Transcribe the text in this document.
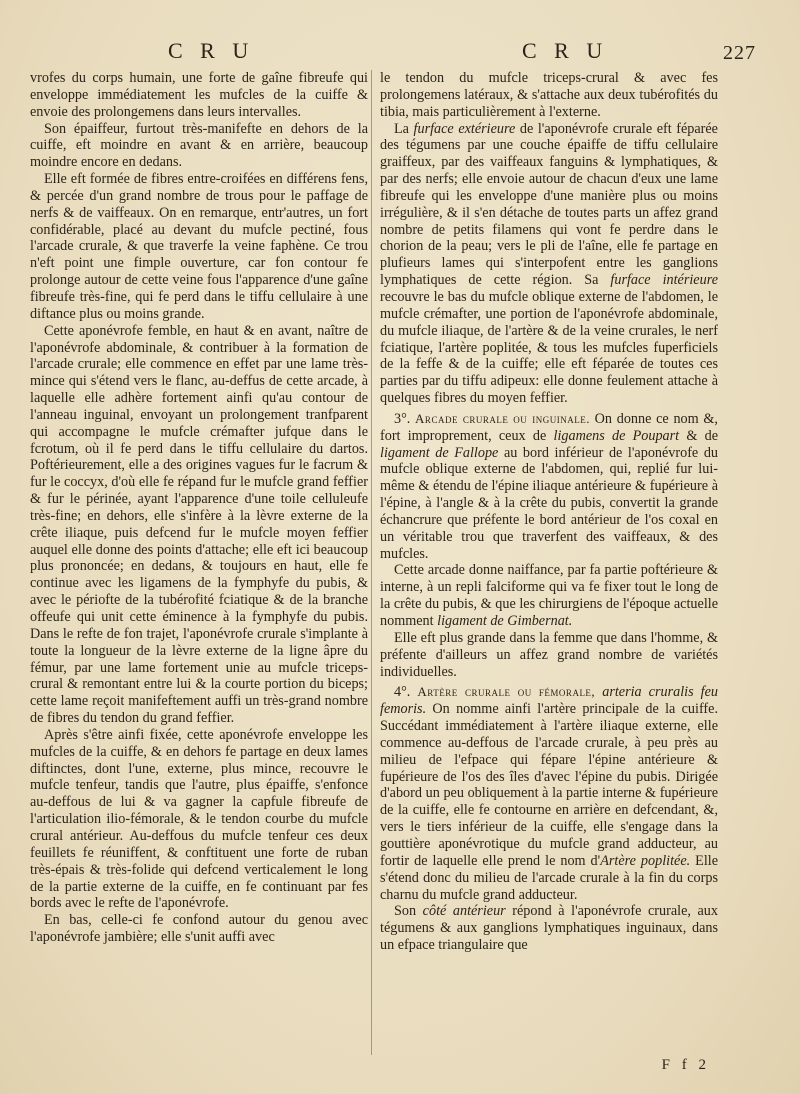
C R U	C R U	227

vrofes du corps humain, une forte de gaîne fibreufe qui enveloppe immédiatement les mufcles de la cuiffe & envoie des prolongemens dans leurs intervalles.

Son épaiffeur, furtout très-manifefte en dehors de la cuiffe, eft moindre en avant & en arrière, beaucoup moindre encore en dedans.

Elle eft formée de fibres entre-croifées en différens fens, & percée d'un grand nombre de trous pour le paffage de nerfs & de vaiffeaux. On en remarque, entr'autres, un fort confidérable, placé au devant du mufcle pectiné, fous l'arcade crurale, & que traverfe la veine faphène. Ce trou n'eft point une fimple ouverture, car fon contour fe prolonge autour de cette veine fous l'apparence d'une gaîne fibreufe très-fine, qui fe perd dans le tiffu cellulaire à une diftance plus ou moins grande.

Cette aponévrofe femble, en haut & en avant, naître de l'aponévrofe abdominale, & contribuer à la formation de l'arcade crurale; elle commence en effet par une lame très-mince qui s'étend vers le flanc, au-deffus de cette arcade, à laquelle elle adhère fortement ainfi qu'au contour de l'anneau inguinal, envoyant un prolongement tranfparent qui accompagne le mufcle crémafter jufque dans le fcrotum, où il fe perd dans le tiffu cellulaire du dartos. Poftérieurement, elle a des origines vagues fur le facrum & fur le coccyx, d'où elle fe répand fur le mufcle grand feffier & fur le périnée, ayant l'apparence d'une toile celluleufe très-fine; en dehors, elle s'infère à la lèvre externe de la crête iliaque, puis defcend fur le mufcle moyen feffier auquel elle donne des points d'attache; elle eft ici beaucoup plus prononcée; en dedans, & toujours en haut, elle fe continue avec les ligamens de la fymphyfe du pubis, & avec le périofte de la tubérofité fciatique & de la branche offeufe qui unit cette éminence à la fymphyfe du pubis. Dans le refte de fon trajet, l'aponévrofe crurale s'implante à toute la longueur de la lèvre externe de la ligne âpre du fémur, par une lame fortement unie au mufcle triceps-crural & remontant entre lui & la courte portion du biceps; cette lame reçoit manifeftement auffi un très-grand nombre de fibres du tendon du grand feffier.

Après s'être ainfi fixée, cette aponévrofe enveloppe les mufcles de la cuiffe, & en dehors fe partage en deux lames diftinctes, dont l'une, externe, plus mince, recouvre le mufcle tenfeur, tandis que l'autre, plus épaiffe, s'enfonce au-deffous de lui & va gagner la capfule fibreufe de l'articulation ilio-fémorale, & le tendon courbe du mufcle crural antérieur. Au-deffous du mufcle tenfeur ces deux feuillets fe réuniffent, & conftituent une forte de ruban très-épais & très-folide qui defcend verticalement le long de la partie externe de la cuiffe, en fe continuant par fes bords avec le refte de l'aponévrofe.

En bas, celle-ci fe confond autour du genou avec l'aponévrofe jambière; elle s'unit auffi avec

le tendon du mufcle triceps-crural & avec fes prolongemens latéraux, & s'attache aux deux tubérofités du tibia, mais particulièrement à l'externe.

La furface extérieure de l'aponévrofe crurale eft féparée des tégumens par une couche épaiffe de tiffu cellulaire graiffeux, par des vaiffeaux fanguins & lymphatiques, & par des nerfs; elle envoie autour de chacun d'eux une lame fibreufe qui les enveloppe d'une manière plus ou moins irrégulière, & il s'en détache de toutes parts un affez grand nombre de petits filamens qui vont fe perdre dans le chorion de la peau; vers le pli de l'aîne, elle fe partage en plufieurs lames qui s'interpofent entre les ganglions lymphatiques de cette région. Sa furface intérieure recouvre le bas du mufcle oblique externe de l'abdomen, le mufcle crémafter, une portion de l'aponévrofe abdominale, du mufcle iliaque, de l'artère & de la veine crurales, le nerf fciatique, l'artère poplitée, & tous les mufcles fuperficiels de la feffe & de la cuiffe; elle eft féparée de toutes ces parties par du tiffu adipeux: elle donne feulement attache à quelques fibres du moyen feffier.

3°. Arcade crurale ou inguinale. On donne ce nom &, fort improprement, ceux de ligamens de Poupart & de ligament de Fallope au bord inférieur de l'aponévrofe du mufcle oblique externe de l'abdomen, qui, replié fur lui-même & étendu de l'épine iliaque antérieure & fupérieure à l'épine, à l'angle & à la crête du pubis, convertit la grande échancrure que préfente le bord antérieur de l'os coxal en un véritable trou que traverfent des vaiffeaux, & des mufcles.

Cette arcade donne naiffance, par fa partie poftérieure & interne, à un repli falciforme qui va fe fixer tout le long de la crête du pubis, & que les chirurgiens de l'époque actuelle nomment ligament de Gimbernat.

Elle eft plus grande dans la femme que dans l'homme, & préfente d'ailleurs un affez grand nombre de variétés individuelles.

4°. Artère crurale ou fémorale, arteria cruralis feu femoris. On nomme ainfi l'artère principale de la cuiffe. Succédant immédiatement à l'artère iliaque externe, elle commence au-deffous de l'arcade crurale, à peu près au milieu de l'efpace qui fépare l'épine antérieure & fupérieure de l'os des îles d'avec l'épine du pubis. Dirigée d'abord un peu obliquement à la partie interne & fupérieure de la cuiffe, elle fe contourne en arrière en defcendant, &, vers le tiers inférieur de la cuiffe, elle s'engage dans la gouttière aponévrotique du mufcle grand adducteur, au fortir de laquelle elle prend le nom d'Artère poplitée. Elle s'étend donc du milieu de l'arcade crurale à la fin du corps charnu du mufcle grand adducteur.

Son côté antérieur répond à l'aponévrofe crurale, aux tégumens & aux ganglions lymphatiques inguinaux, dans un efpace triangulaire que

F f 2
